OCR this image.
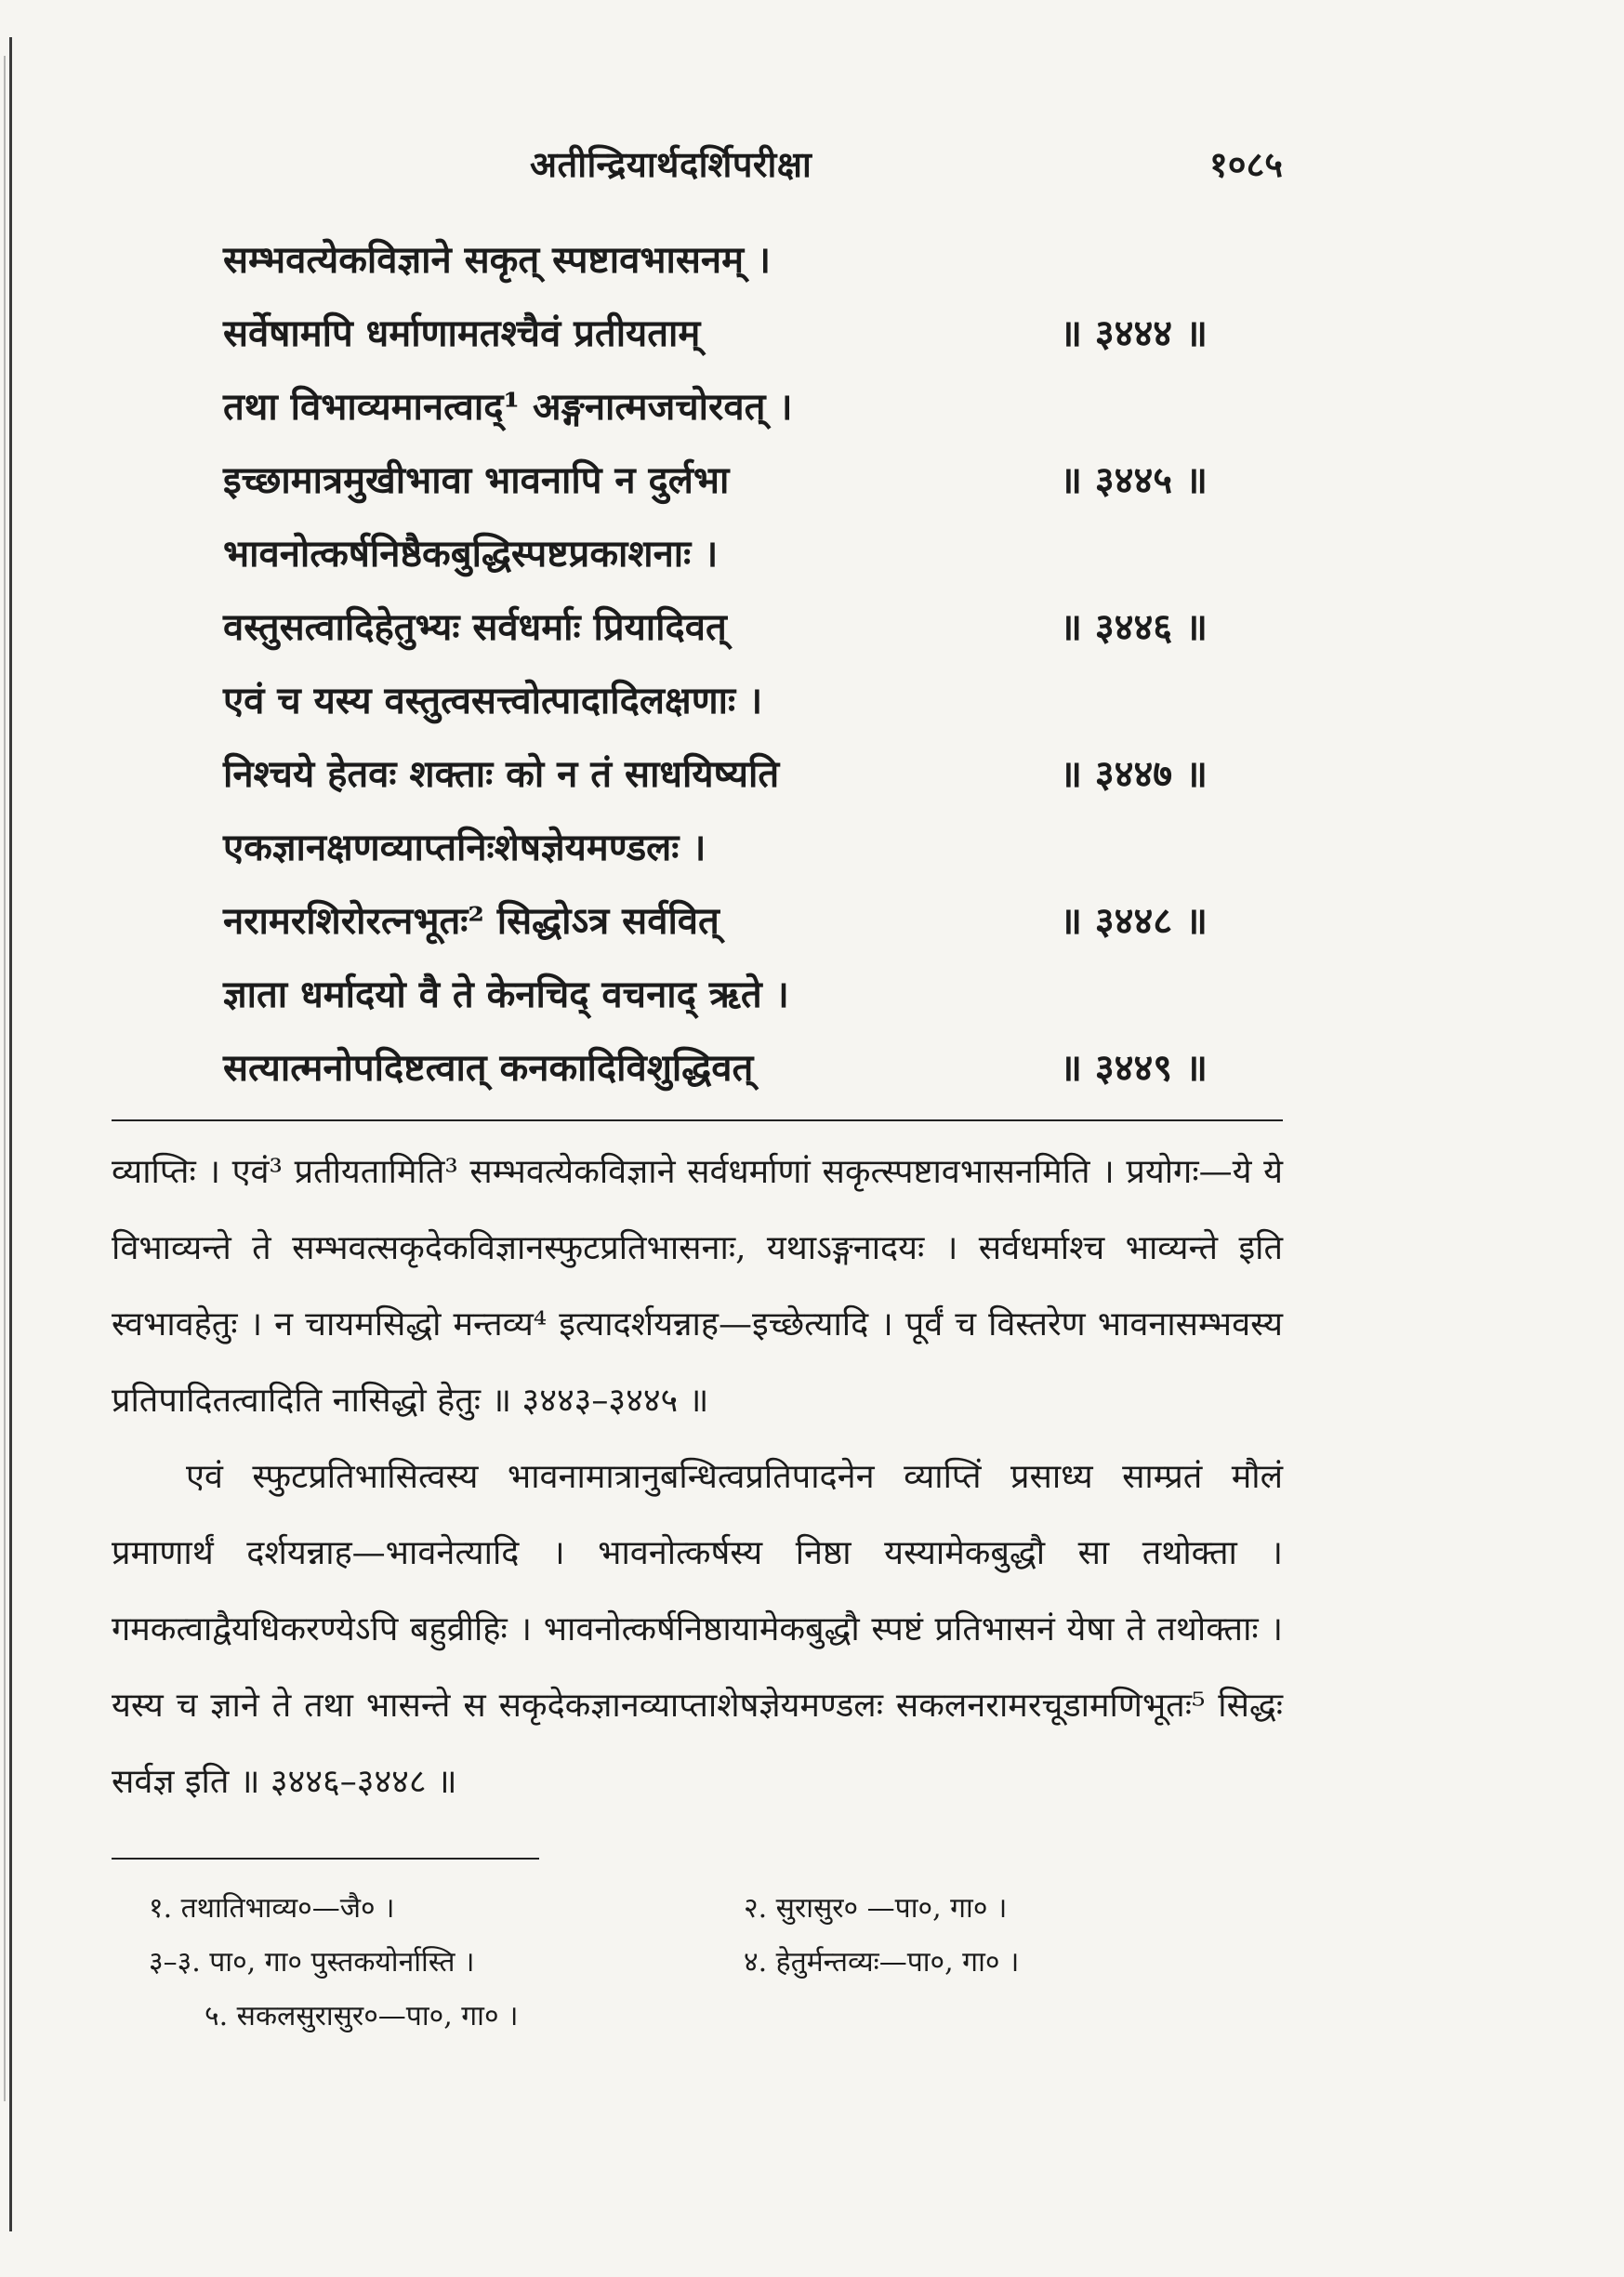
अतीन्द्रियार्थदर्शिपरीक्षा	१०८५
सम्भवत्येकविज्ञाने सकृत् स्पष्टावभासनम् ।
सर्वेषामपि धर्माणामतश्चैवं प्रतीयताम्	॥ ३४४४ ॥
तथा विभाव्यमानत्वाद्¹ अङ्गनात्मजचोरवत् ।
इच्छामात्रमुखीभावा भावनापि न दुर्लभा	॥ ३४४५ ॥
भावनोत्कर्षनिष्ठैकबुद्धिस्पष्टप्रकाशनाः ।
वस्तुसत्वादिहेतुभ्यः सर्वधर्माः प्रियादिवत्	॥ ३४४६ ॥
एवं च यस्य वस्तुत्वसत्त्वोत्पादादिलक्षणाः ।
निश्चये हेतवः शक्ताः को न तं साधयिष्यति	॥ ३४४७ ॥
एकज्ञानक्षणव्याप्तनिःशेषज्ञेयमण्डलः ।
नरामरशिरोरत्नभूतः² सिद्धोऽत्र सर्ववित्	॥ ३४४८ ॥
ज्ञाता धर्मादयो वै ते केनचिद् वचनाद् ऋते ।
सत्यात्मनोपदिष्टत्वात् कनकादिविशुद्धिवत्	॥ ३४४९ ॥

व्याप्तिः । एवं³ प्रतीयतामिति³ सम्भवत्येकविज्ञाने सर्वधर्माणां सकृत्स्पष्टावभासनमिति । प्रयोगः—ये ये विभाव्यन्ते ते सम्भवत्सकृदेकविज्ञानस्फुटप्रतिभासनाः, यथाऽङ्गनादयः । सर्वधर्माश्च भाव्यन्ते इति स्वभावहेतुः । न चायमसिद्धो मन्तव्य⁴ इत्यादर्शयन्नाह—इच्छेत्यादि । पूर्वं च विस्तरेण भावनासम्भवस्य प्रतिपादितत्वादिति नासिद्धो हेतुः ॥ ३४४३–३४४५ ॥

एवं स्फुटप्रतिभासित्वस्य भावनामात्रानुबन्धित्वप्रतिपादनेन व्याप्तिं प्रसाध्य साम्प्रतं मौलं प्रमाणार्थं दर्शयन्नाह—भावनेत्यादि । भावनोत्कर्षस्य निष्ठा यस्यामेकबुद्धौ सा तथोक्ता । गमकत्वाद्वैयधिकरण्येऽपि बहुव्रीहिः । भावनोत्कर्षनिष्ठायामेकबुद्धौ स्पष्टं प्रतिभासनं येषा ते तथोक्ताः । यस्य च ज्ञाने ते तथा भासन्ते स सकृदेकज्ञानव्याप्ताशेषज्ञेयमण्डलः सकलनरामरचूडामणिभूतः⁵ सिद्धः सर्वज्ञ इति ॥ ३४४६–३४४८ ॥

१. तथातिभाव्य०—जै० ।	२. सुरासुर० —पा०, गा० ।
३–३. पा०, गा० पुस्तकयोर्नास्ति ।	४. हेतुर्मन्तव्यः—पा०, गा० ।
५. सकलसुरासुर०—पा०, गा० ।
